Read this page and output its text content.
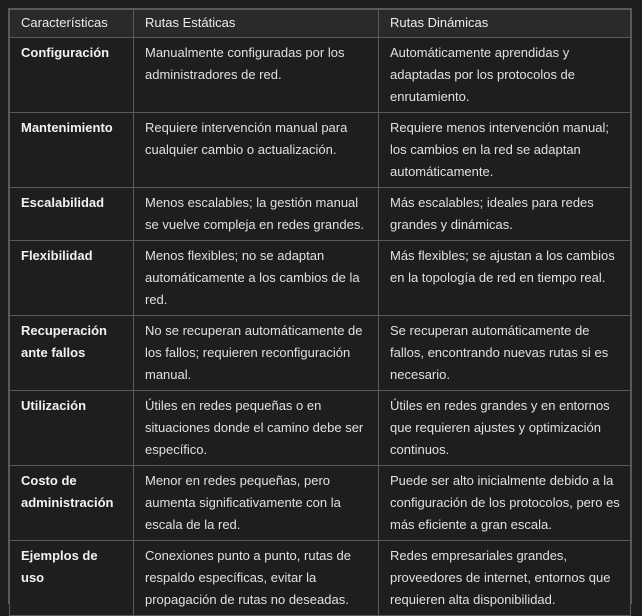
Características	Rutas Estáticas	Rutas Dinámicas
Configuración	Manualmente configuradas por los administradores de red.	Automáticamente aprendidas y adaptadas por los protocolos de enrutamiento.
Mantenimiento	Requiere intervención manual para cualquier cambio o actualización.	Requiere menos intervención manual; los cambios en la red se adaptan automáticamente.
Escalabilidad	Menos escalables; la gestión manual se vuelve compleja en redes grandes.	Más escalables; ideales para redes grandes y dinámicas.
Flexibilidad	Menos flexibles; no se adaptan automáticamente a los cambios de la red.	Más flexibles; se ajustan a los cambios en la topología de red en tiempo real.
Recuperación ante fallos	No se recuperan automáticamente de los fallos; requieren reconfiguración manual.	Se recuperan automáticamente de fallos, encontrando nuevas rutas si es necesario.
Utilización	Útiles en redes pequeñas o en situaciones donde el camino debe ser específico.	Útiles en redes grandes y en entornos que requieren ajustes y optimización continuos.
Costo de administración	Menor en redes pequeñas, pero aumenta significativamente con la escala de la red.	Puede ser alto inicialmente debido a la configuración de los protocolos, pero es más eficiente a gran escala.
Ejemplos de uso	Conexiones punto a punto, rutas de respaldo específicas, evitar la propagación de rutas no deseadas.	Redes empresariales grandes, proveedores de internet, entornos que requieren alta disponibilidad.
